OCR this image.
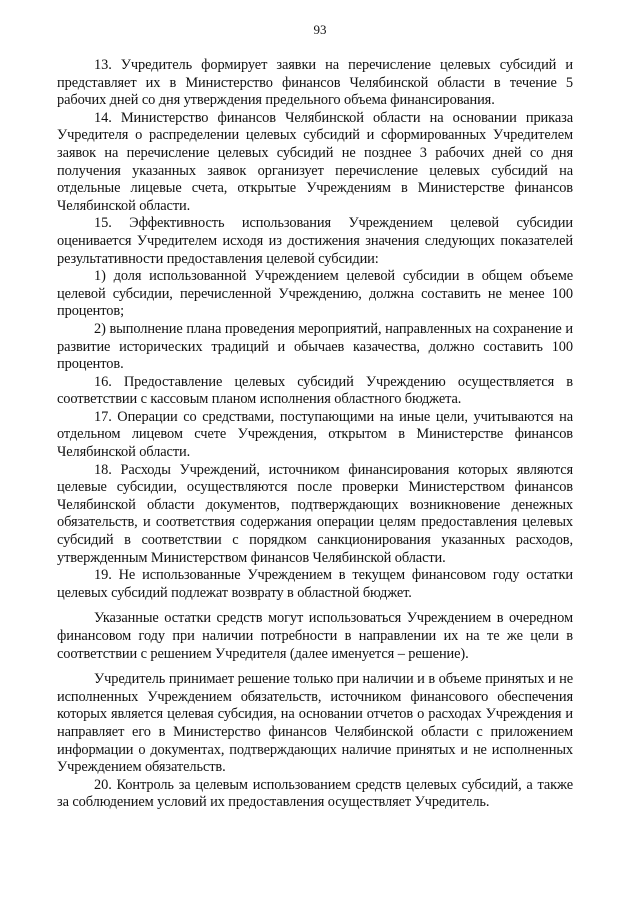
93

13. Учредитель формирует заявки на перечисление целевых субсидий и представляет их в Министерство финансов Челябинской области в течение 5 рабочих дней со дня утверждения предельного объема финансирования.

14. Министерство финансов Челябинской области на основании приказа Учредителя о распределении целевых субсидий и сформированных Учредителем заявок на перечисление целевых субсидий не позднее 3 рабочих дней со дня получения указанных заявок организует перечисление целевых субсидий на отдельные лицевые счета, открытые Учреждениям в Министерстве финансов Челябинской области.

15. Эффективность использования Учреждением целевой субсидии оценивается Учредителем исходя из достижения значения следующих показателей результативности предоставления целевой субсидии:

1) доля использованной Учреждением целевой субсидии в общем объеме целевой субсидии, перечисленной Учреждению, должна составить не менее 100 процентов;

2) выполнение плана проведения мероприятий, направленных на сохранение и развитие исторических традиций и обычаев казачества, должно составить 100 процентов.

16. Предоставление целевых субсидий Учреждению осуществляется в соответствии с кассовым планом исполнения областного бюджета.

17. Операции со средствами, поступающими на иные цели, учитываются на отдельном лицевом счете Учреждения, открытом в Министерстве финансов Челябинской области.

18. Расходы Учреждений, источником финансирования которых являются целевые субсидии, осуществляются после проверки Министерством финансов Челябинской области документов, подтверждающих возникновение денежных обязательств, и соответствия содержания операции целям предоставления целевых субсидий в соответствии с порядком санкционирования указанных расходов, утвержденным Министерством финансов Челябинской области.

19. Не использованные Учреждением в текущем финансовом году остатки целевых субсидий подлежат возврату в областной бюджет.

Указанные остатки средств могут использоваться Учреждением в очередном финансовом году при наличии потребности в направлении их на те же цели в соответствии с решением Учредителя (далее именуется – решение).

Учредитель принимает решение только при наличии и в объеме принятых и не исполненных Учреждением обязательств, источником финансового обеспечения которых является целевая субсидия, на основании отчетов о расходах Учреждения и направляет его в Министерство финансов Челябинской области с приложением информации о документах, подтверждающих наличие принятых и не исполненных Учреждением обязательств.

20. Контроль за целевым использованием средств целевых субсидий, а также за соблюдением условий их предоставления осуществляет Учредитель.
